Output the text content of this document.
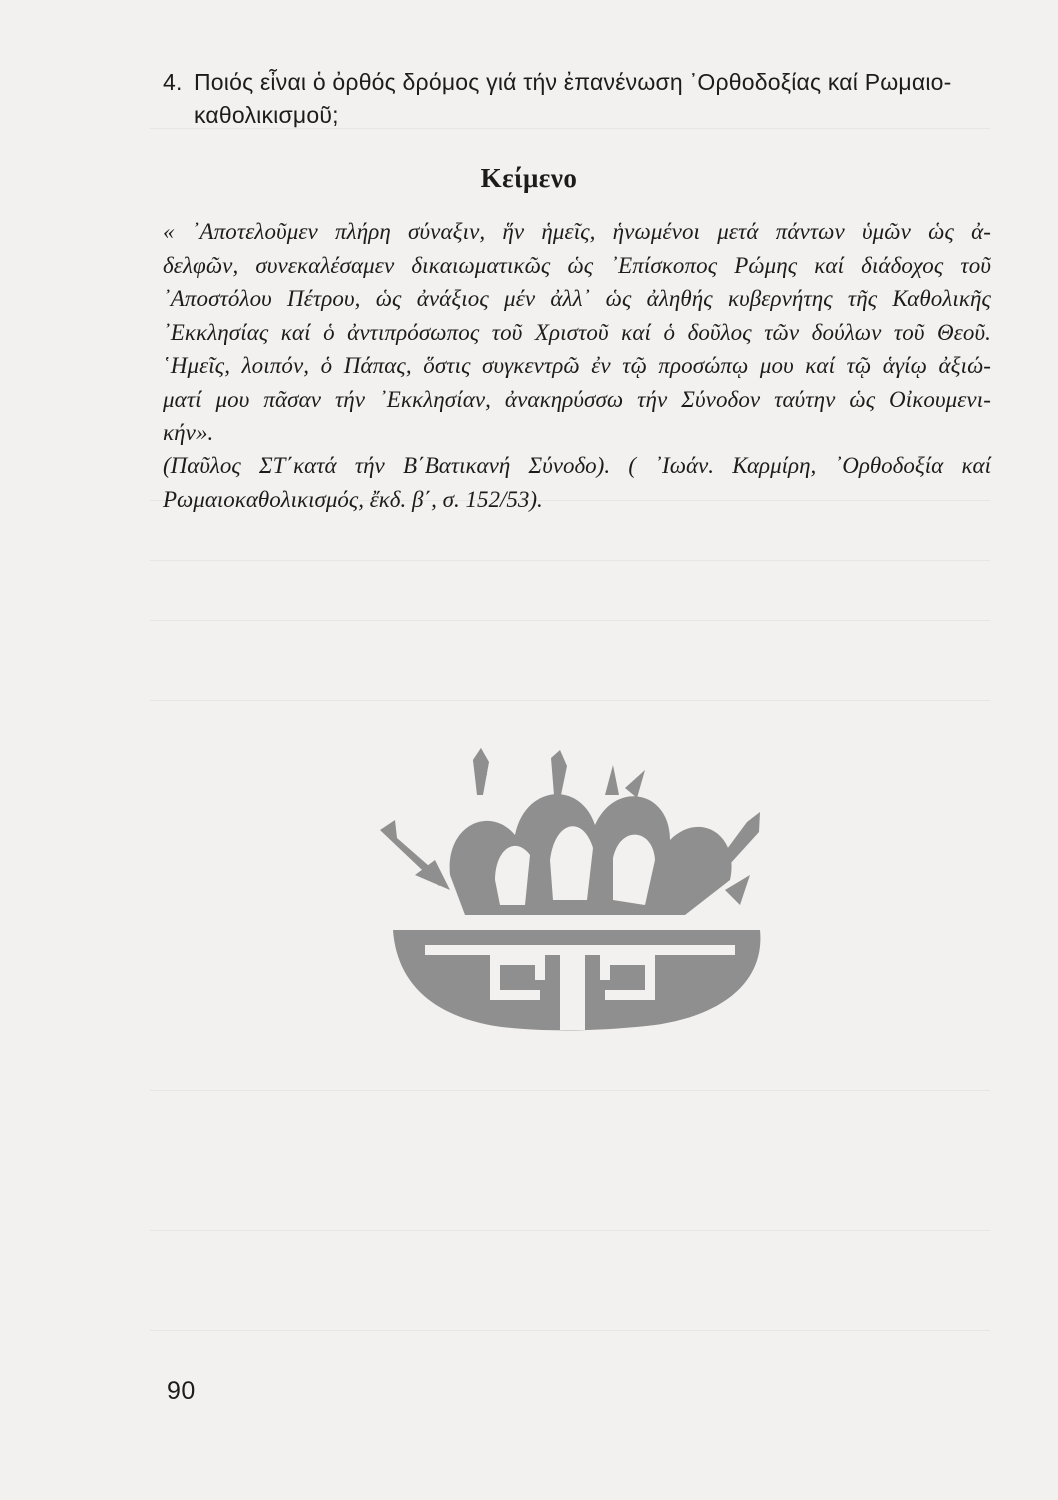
4. Ποιός εἶναι ὁ ὀρθός δρόμος γιά τήν ἐπανένωση ᾿Ορθοδοξίας καί Ρωμαιο-
καθολικισμοῦ;
Κείμενο
« ᾿Αποτελοῦμεν πλήρη σύναξιν, ἥν ἡμεῖς, ἡνωμένοι μετά πάντων ὑμῶν ὡς ἀ-
δελφῶν, συνεκαλέσαμεν δικαιωματικῶς ὡς ᾿Επίσκοπος Ρώμης καί διάδοχος τοῦ
᾿Αποστόλου Πέτρου, ὡς ἀνάξιος μέν ἀλλ᾿ ὡς ἀληθής κυβερνήτης τῆς Καθολικῆς
᾿Εκκλησίας καί ὁ ἀντιπρόσωπος τοῦ Χριστοῦ καί ὁ δοῦλος τῶν δούλων τοῦ Θεοῦ.
῾Ημεῖς, λοιπόν, ὁ Πάπας, ὅστις συγκεντρῶ ἐν τῷ προσώπῳ μου καί τῷ ἁγίῳ ἀξιώ-
ματί μου πᾶσαν τήν ᾿Εκκλησίαν, ἀνακηρύσσω τήν Σύνοδον ταύτην ὡς Οἰκουμενι-
κήν».
(Παῦλος ΣΤ΄κατά τήν Β΄Βατικανή Σύνοδο). ( ᾿Ιωάν. Καρμίρη, ᾿Ορθοδοξία καί
Ρωμαιοκαθολικισμός, ἔκδ. β΄, σ. 152/53).
90
